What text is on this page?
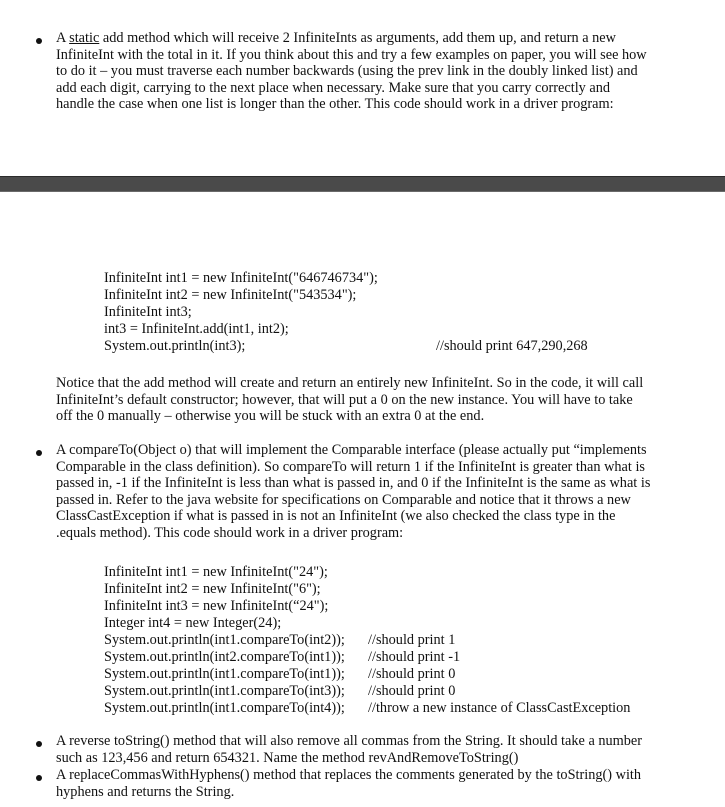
A static add method which will receive 2 InfiniteInts as arguments, add them up, and return a new
InfiniteInt with the total in it. If you think about this and try a few examples on paper, you will see how
to do it – you must traverse each number backwards (using the prev link in the doubly linked list) and
add each digit, carrying to the next place when necessary. Make sure that you carry correctly and
handle the case when one list is longer than the other. This code should work in a driver program:
InfiniteInt int1 = new InfiniteInt("646746734");
InfiniteInt int2 = new InfiniteInt("543534");
InfiniteInt int3;
int3 = InfiniteInt.add(int1, int2);
System.out.println(int3);	//should print 647,290,268
Notice that the add method will create and return an entirely new InfiniteInt. So in the code, it will call
InfiniteInt’s default constructor; however, that will put a 0 on the new instance. You will have to take
off the 0 manually – otherwise you will be stuck with an extra 0 at the end.
A compareTo(Object o) that will implement the Comparable interface (please actually put “implements
Comparable in the class definition). So compareTo will return 1 if the InfiniteInt is greater than what is
passed in, -1 if the InfiniteInt is less than what is passed in, and 0 if the InfiniteInt is the same as what is
passed in. Refer to the java website for specifications on Comparable and notice that it throws a new
ClassCastException if what is passed in is not an InfiniteInt (we also checked the class type in the
.equals method). This code should work in a driver program:
InfiniteInt int1 = new InfiniteInt("24");
InfiniteInt int2 = new InfiniteInt("6");
InfiniteInt int3 = new InfiniteInt(“24");
Integer int4 = new Integer(24);
System.out.println(int1.compareTo(int2));
System.out.println(int2.compareTo(int1));
System.out.println(int1.compareTo(int1));
System.out.println(int1.compareTo(int3));
System.out.println(int1.compareTo(int4));
//should print 1
//should print -1
//should print 0
//should print 0
//throw a new instance of ClassCastException
A reverse toString() method that will also remove all commas from the String. It should take a number
such as 123,456 and return 654321. Name the method revAndRemoveToString()
A replaceCommasWithHyphens() method that replaces the comments generated by the toString() with
hyphens and returns the String.
